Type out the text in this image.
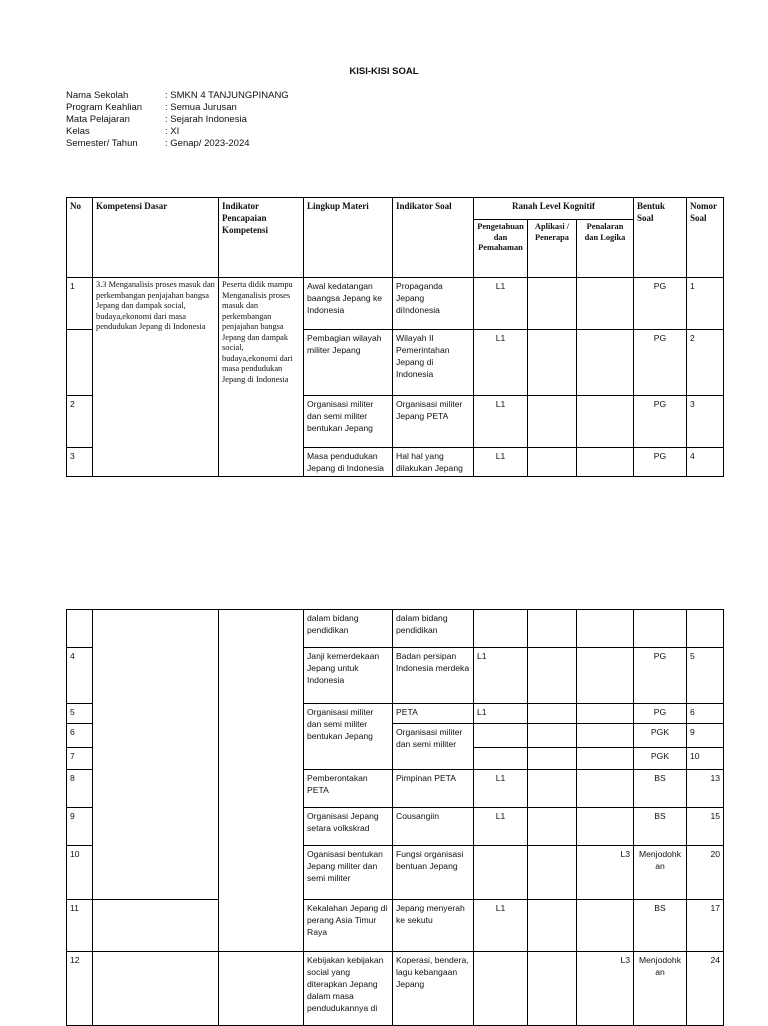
KISI-KISI SOAL
Nama Sekolah	: SMKN 4 TANJUNGPINANG
Program Keahlian	: Semua Jurusan
Mata Pelajaran	: Sejarah Indonesia
Kelas	: XI
Semester/ Tahun	: Genap/ 2023-2024
No	Kompetensi Dasar	Indikator Pencapaian Kompetensi	Lingkup Materi	Indikator Soal	Ranah Level Kognitif			Bentuk Soal	Nomor Soal
					Pengetahuan dan Pemahaman	Aplikasi / Penerapa	Penalaran dan Logika		
1	3.3 Menganalisis proses masuk dan perkembangan penjajahan bangsa Jepang dan dampak social, budaya,ekonomi dari masa pendudukan Jepang di Indonesia	Peserta didik mampu Menganalisis proses masuk dan perkembangan penjajahan bangsa Jepang dan dampak social, budaya,ekonomi dari masa pendudukan Jepang di Indonesia	Awal kedatangan baangsa Jepang ke Indonesia	Propaganda Jepang diIndonesia	L1			PG	1
			Pembagian wilayah militer Jepang	Wilayah II Pemerintahan Jepang di Indonesia	L1			PG	2
2			Organisasi militer dan semi militer bentukan Jepang	Organisasi militer Jepang PETA	L1			PG	3
3			Masa pendudukan Jepang di Indonesia	Hal hal yang dilakukan Jepang	L1			PG	4
			dalam bidang pendidikan	dalam bidang pendidikan					
4			Janji kemerdekaan Jepang untuk Indonesia	Badan persipan Indonesia merdeka	L1			PG	5
5			Organisasi militer dan semi militer bentukan Jepang	PETA	L1			PG	6
6				Organisasi militer dan semi militer				PGK	9
7								PGK	10
8			Pemberontakan PETA	Pimpinan PETA	L1			BS	13
9			Organisasi Jepang setara volkskrad	Cousangiin	L1			BS	15
10			Oganisasi bentukan Jepang militer dan semi militer	Fungsi organisasi bentuan Jepang			L3	Menjodohkan	20
11			Kekalahan Jepang di perang Asia Timur Raya	Jepang menyerah ke sekutu	L1			BS	17
12			Kebijakan kebijakan social yang diterapkan Jepang dalam masa pendudukannya di	Koperasi, bendera, lagu kebangaan Jepang			L3	Menjodohkan	24
